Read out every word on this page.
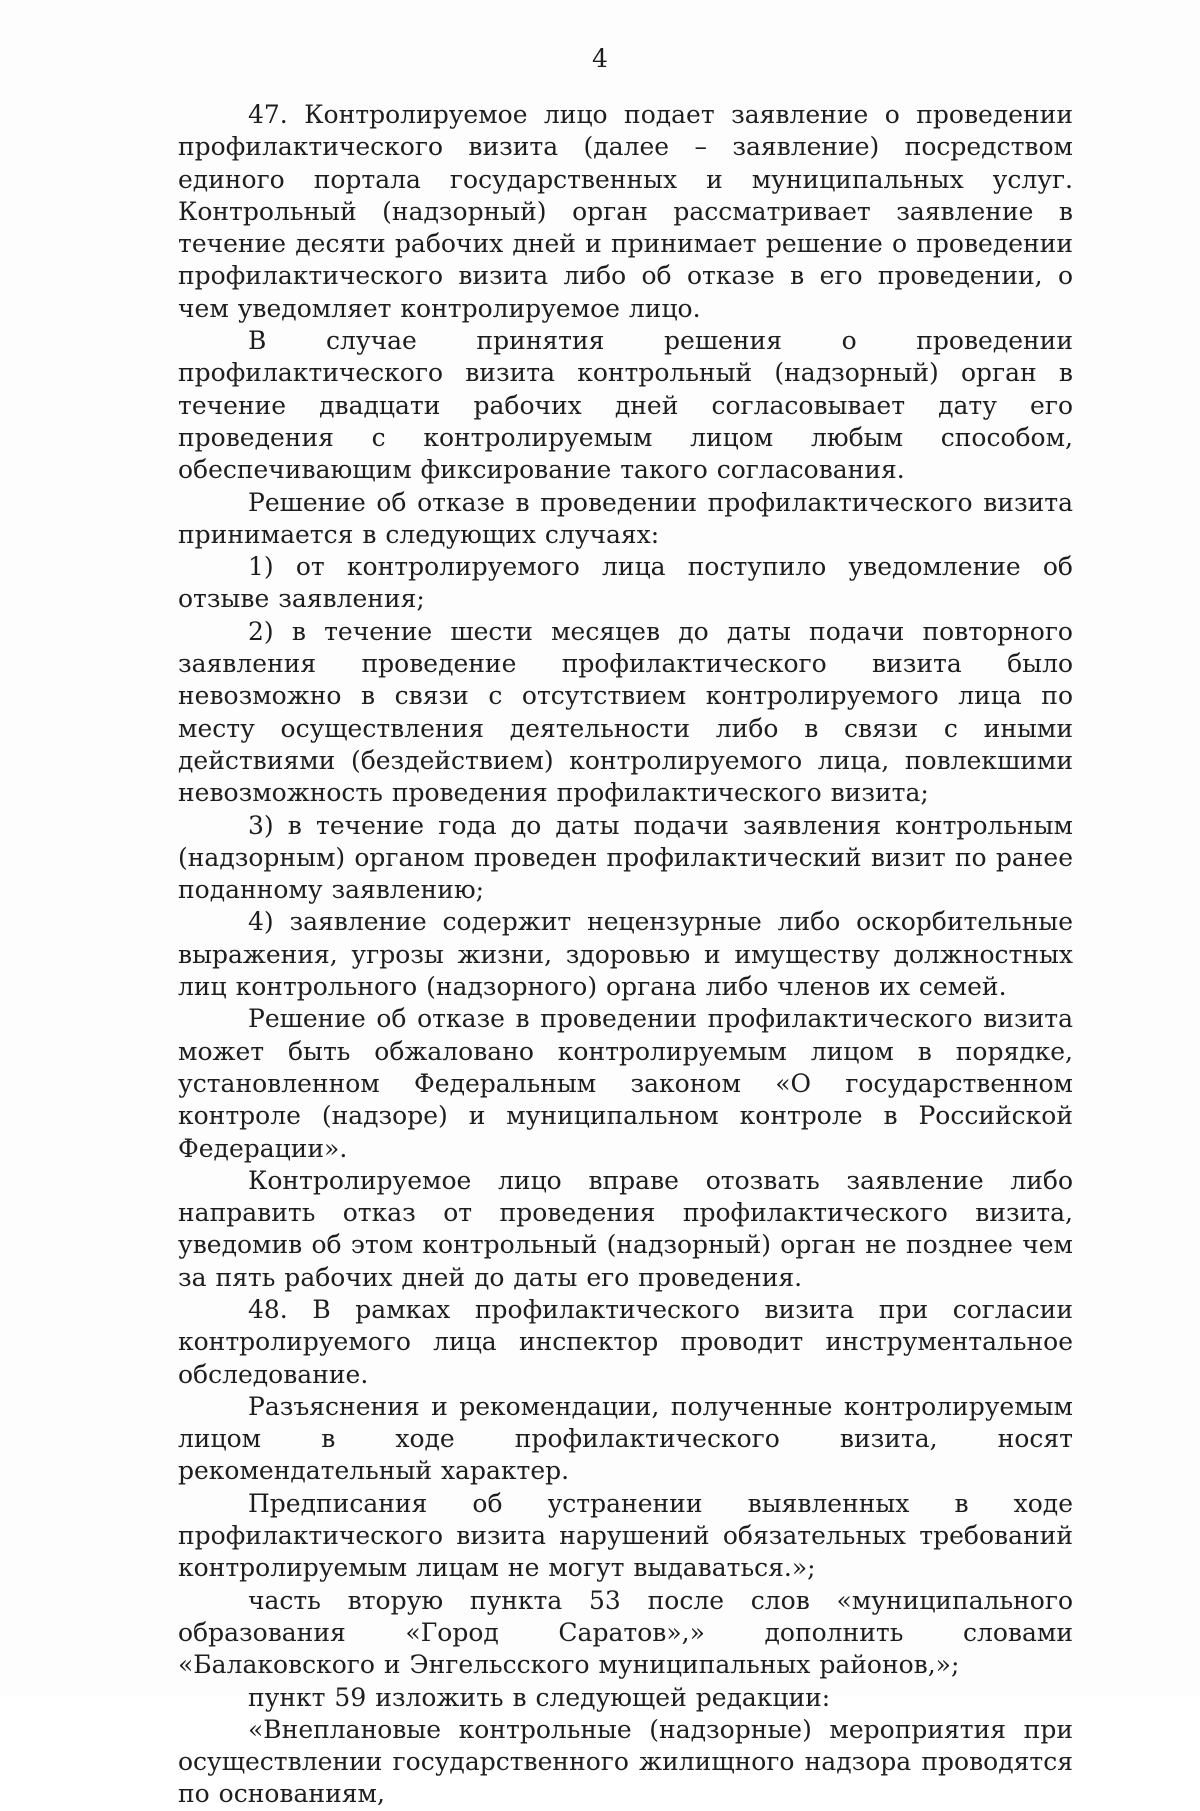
4

47. Контролируемое лицо подает заявление о проведении профилактического визита (далее – заявление) посредством единого портала государственных и муниципальных услуг. Контрольный (надзорный) орган рассматривает заявление в течение десяти рабочих дней и принимает решение о проведении профилактического визита либо об отказе в его проведении, о чем уведомляет контролируемое лицо.

В случае принятия решения о проведении профилактического визита контрольный (надзорный) орган в течение двадцати рабочих дней согласовывает дату его проведения с контролируемым лицом любым способом, обеспечивающим фиксирование такого согласования.

Решение об отказе в проведении профилактического визита принимается в следующих случаях:

1) от контролируемого лица поступило уведомление об отзыве заявления;

2) в течение шести месяцев до даты подачи повторного заявления проведение профилактического визита было невозможно в связи с отсутствием контролируемого лица по месту осуществления деятельности либо в связи с иными действиями (бездействием) контролируемого лица, повлекшими невозможность проведения профилактического визита;

3) в течение года до даты подачи заявления контрольным (надзорным) органом проведен профилактический визит по ранее поданному заявлению;

4) заявление содержит нецензурные либо оскорбительные выражения, угрозы жизни, здоровью и имуществу должностных лиц контрольного (надзорного) органа либо членов их семей.

Решение об отказе в проведении профилактического визита может быть обжаловано контролируемым лицом в порядке, установленном Федеральным законом «О государственном контроле (надзоре) и муниципальном контроле в Российской Федерации».

Контролируемое лицо вправе отозвать заявление либо направить отказ от проведения профилактического визита, уведомив об этом контрольный (надзорный) орган не позднее чем за пять рабочих дней до даты его проведения.

48. В рамках профилактического визита при согласии контролируемого лица инспектор проводит инструментальное обследование.

Разъяснения и рекомендации, полученные контролируемым лицом в ходе профилактического визита, носят рекомендательный характер.

Предписания об устранении выявленных в ходе профилактического визита нарушений обязательных требований контролируемым лицам не могут выдаваться.»;

часть вторую пункта 53 после слов «муниципального образования «Город Саратов»,» дополнить словами «Балаковского и Энгельсского муниципальных районов,»;

пункт 59 изложить в следующей редакции:

«Внеплановые контрольные (надзорные) мероприятия при осуществлении государственного жилищного надзора проводятся по основаниям,
